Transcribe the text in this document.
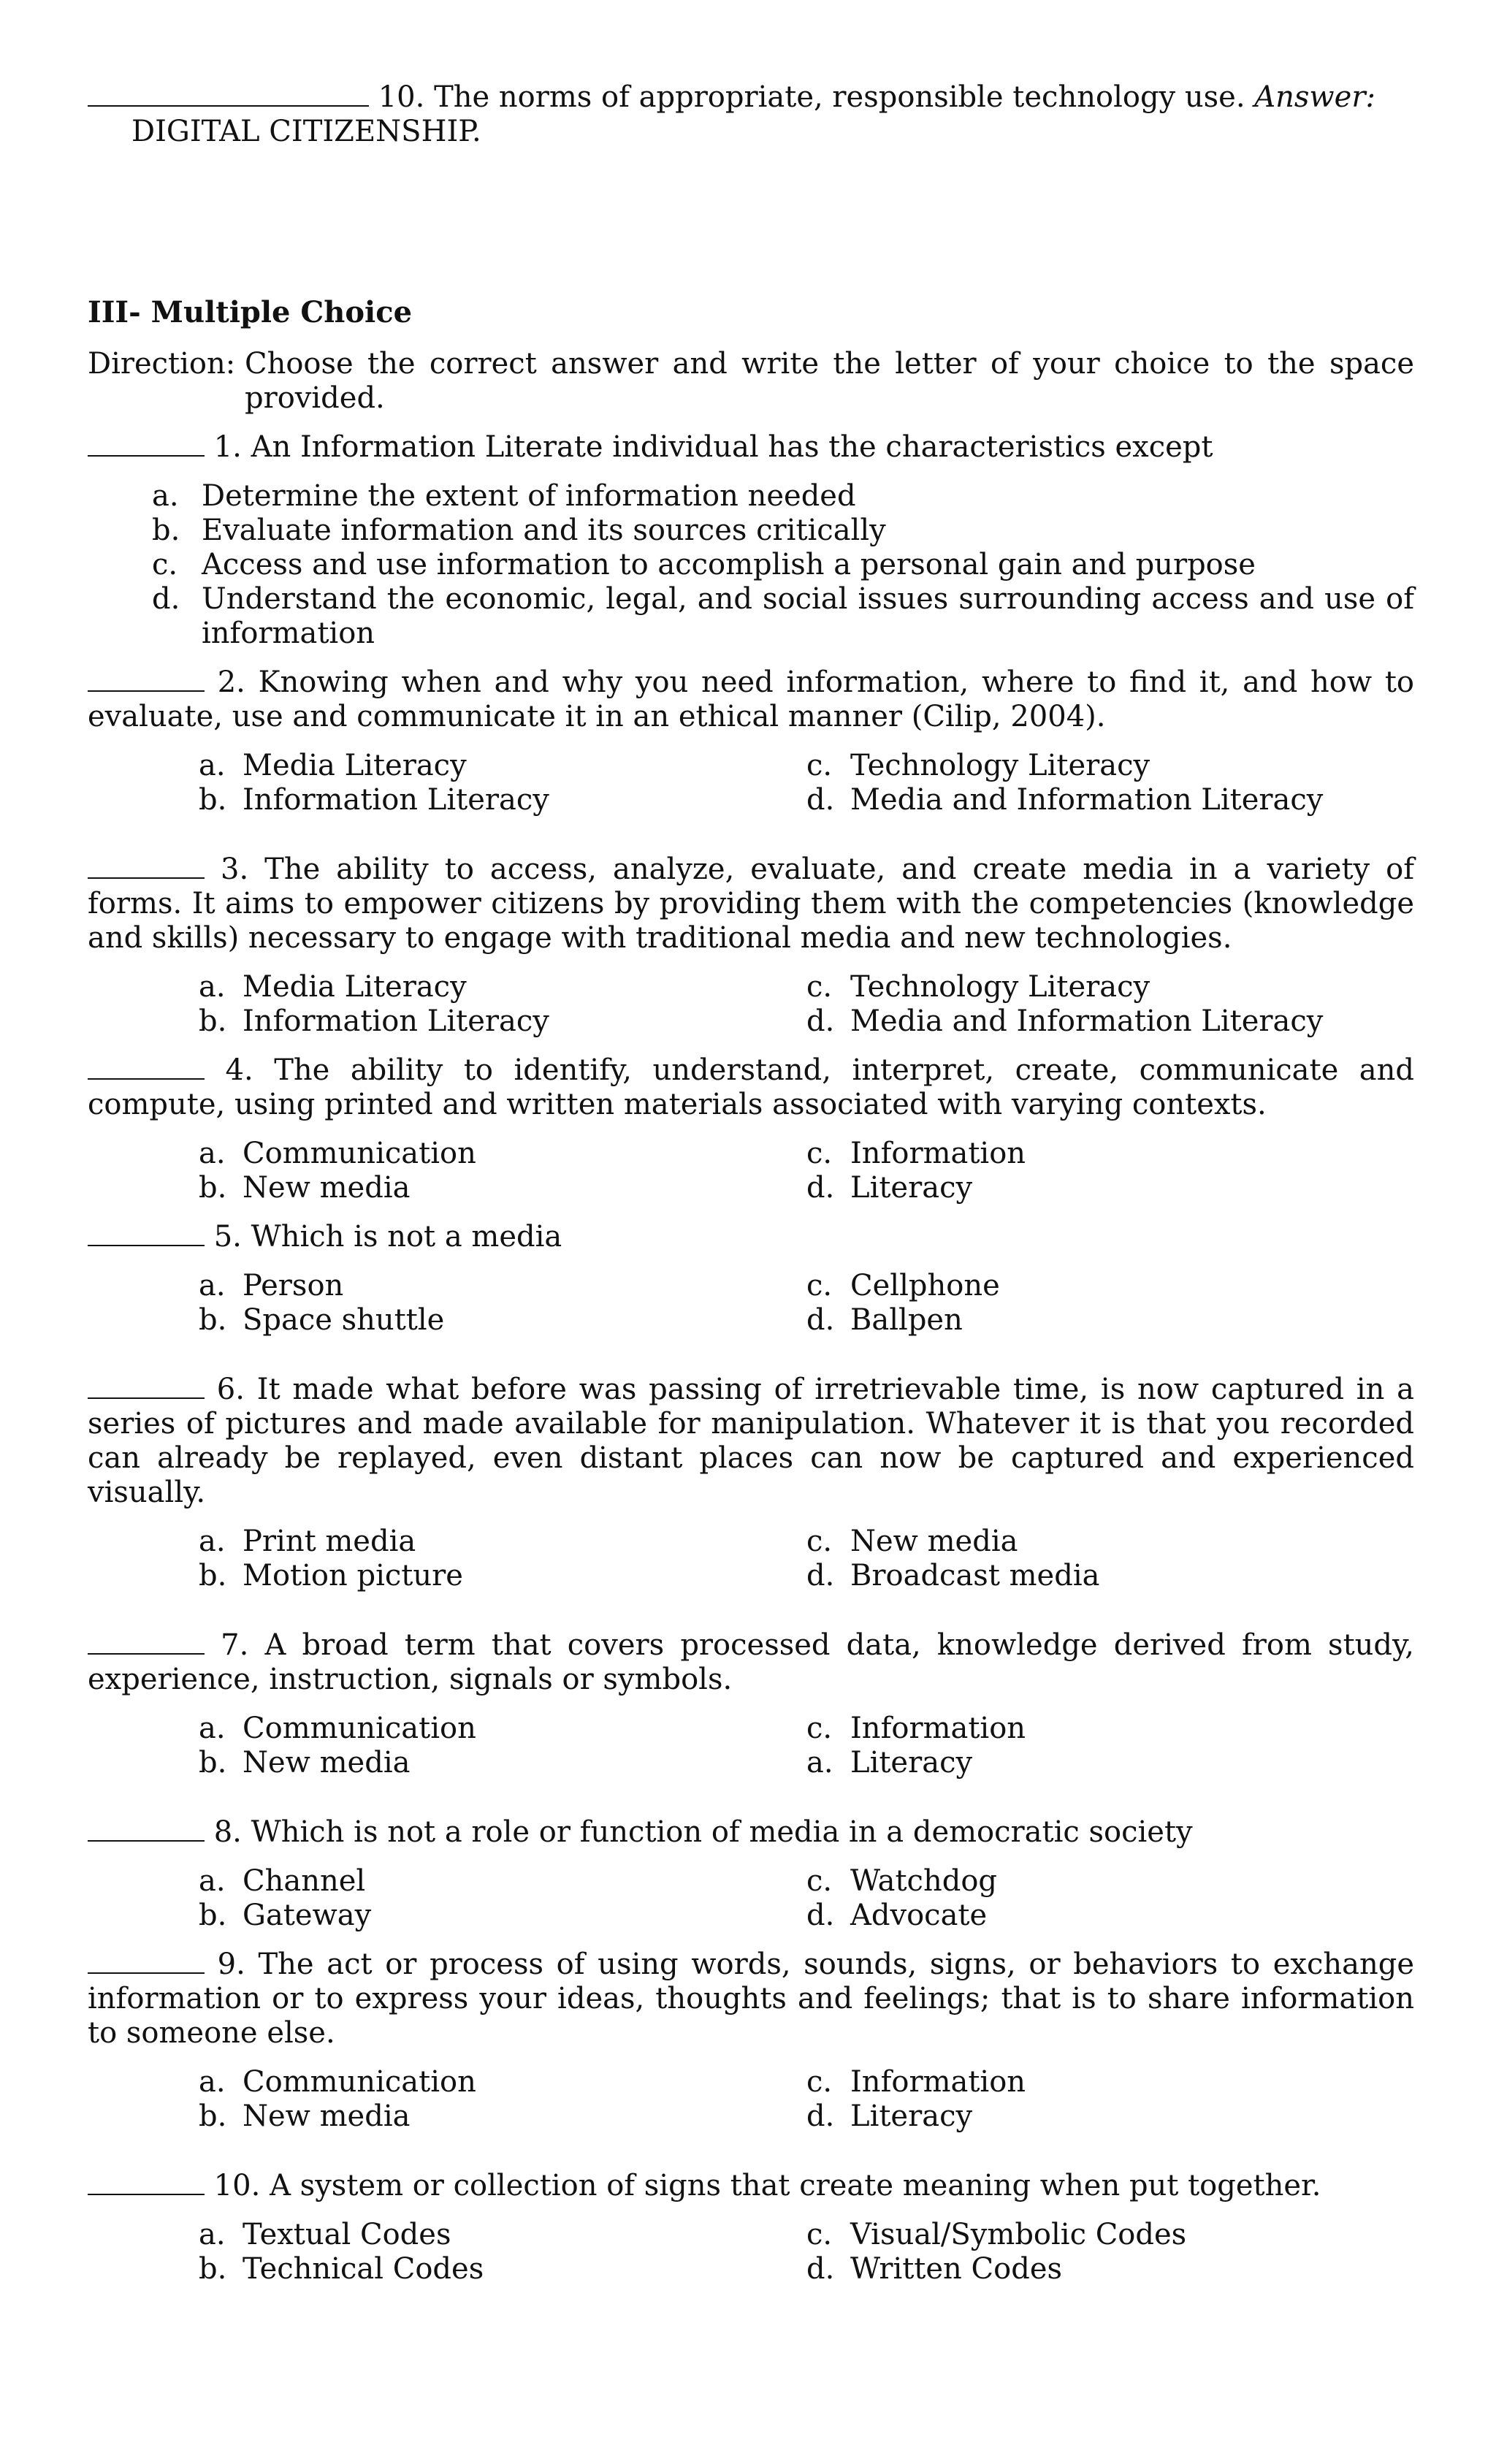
10. The norms of appropriate, responsible technology use. Answer:
DIGITAL CITIZENSHIP.
III- Multiple Choice
Direction:
Choose the correct answer and write the letter of your choice to the space provided.
1. An Information Literate individual has the characteristics except
a. Determine the extent of information needed
b. Evaluate information and its sources critically
c. Access and use information to accomplish a personal gain and purpose
d. Understand the economic, legal, and social issues surrounding access and use of information
2. Knowing when and why you need information, where to find it, and how to evaluate, use and communicate it in an ethical manner (Cilip, 2004).
a. Media Literacy	c. Technology Literacy
b. Information Literacy	d. Media and Information Literacy
3. The ability to access, analyze, evaluate, and create media in a variety of forms. It aims to empower citizens by providing them with the competencies (knowledge and skills) necessary to engage with traditional media and new technologies.
a. Media Literacy	c. Technology Literacy
b. Information Literacy	d. Media and Information Literacy
4. The ability to identify, understand, interpret, create, communicate and compute, using printed and written materials associated with varying contexts.
a. Communication	c. Information
b. New media	d. Literacy
5. Which is not a media
a. Person	c. Cellphone
b. Space shuttle	d. Ballpen
6. It made what before was passing of irretrievable time, is now captured in a series of pictures and made available for manipulation. Whatever it is that you recorded can already be replayed, even distant places can now be captured and experienced visually.
a. Print media	c. New media
b. Motion picture	d. Broadcast media
7. A broad term that covers processed data, knowledge derived from study, experience, instruction, signals or symbols.
a. Communication	c. Information
b. New media	a. Literacy
8. Which is not a role or function of media in a democratic society
a. Channel	c. Watchdog
b. Gateway	d. Advocate
9. The act or process of using words, sounds, signs, or behaviors to exchange information or to express your ideas, thoughts and feelings; that is to share information to someone else.
a. Communication	c. Information
b. New media	d. Literacy
10. A system or collection of signs that create meaning when put together.
a. Textual Codes	c. Visual/Symbolic Codes
b. Technical Codes	d. Written Codes
